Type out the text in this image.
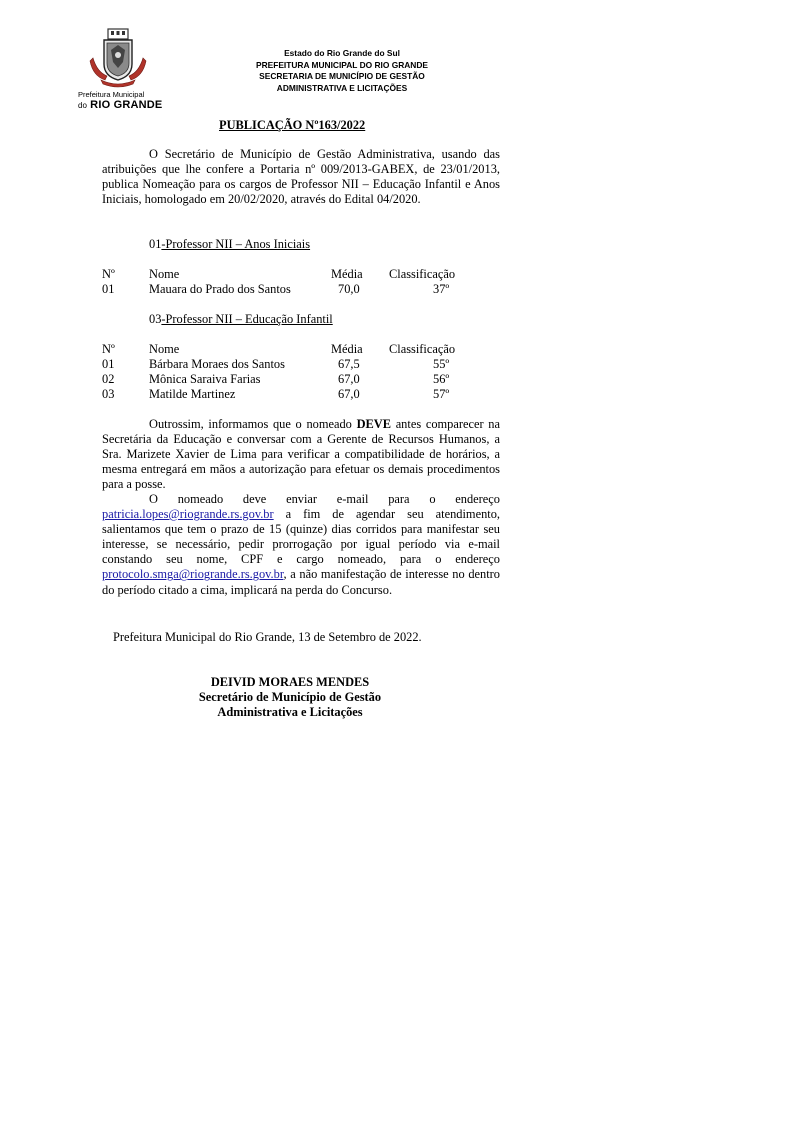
Prefeitura Municipal
do RIO GRANDE
Estado do Rio Grande do Sul
PREFEITURA MUNICIPAL DO RIO GRANDE
SECRETARIA DE MUNICÍPIO DE GESTÃO
ADMINISTRATIVA E LICITAÇÕES
PUBLICAÇÃO Nº163/2022
O Secretário de Município de Gestão Administrativa, usando das atribuições que lhe confere a Portaria nº 009/2013-GABEX, de 23/01/2013, publica Nomeação para os cargos de Professor NII – Educação Infantil e Anos Iniciais, homologado em 20/02/2020, através do Edital 04/2020.
01-Professor NII – Anos Iniciais
Nº	Nome	Média Classificação
01	Mauara do Prado dos Santos	70,0	37º
03-Professor NII – Educação Infantil
Nº	Nome	Média Classificação
01	Bárbara Moraes dos Santos	67,5	55º
02	Mônica Saraiva Farias	67,0	56º
03	Matilde Martinez	67,0	57º
Outrossim, informamos que o nomeado DEVE antes comparecer na Secretária da Educação e conversar com a Gerente de Recursos Humanos, a Sra. Marizete Xavier de Lima para verificar a compatibilidade de horários, a mesma entregará em mãos a autorização para efetuar os demais procedimentos para a posse.
O nomeado deve enviar e-mail para o endereço patricia.lopes@riogrande.rs.gov.br a fim de agendar seu atendimento, salientamos que tem o prazo de 15 (quinze) dias corridos para manifestar seu interesse, se necessário, pedir prorrogação por igual período via e-mail constando seu nome, CPF e cargo nomeado, para o endereço protocolo.smga@riogrande.rs.gov.br, a não manifestação de interesse no dentro do período citado a cima, implicará na perda do Concurso.
Prefeitura Municipal do Rio Grande, 13 de Setembro de 2022.
DEIVID MORAES MENDES
Secretário de Município de Gestão
Administrativa e Licitações
